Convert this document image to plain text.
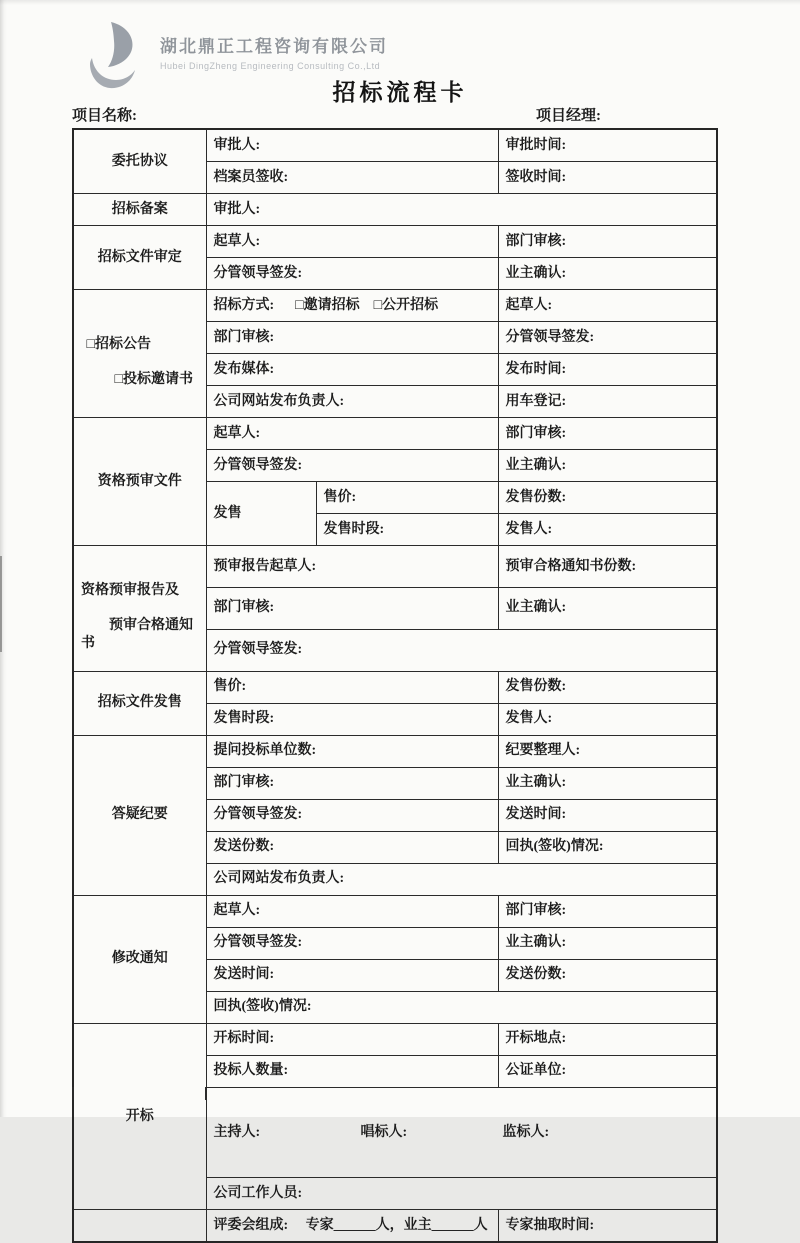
湖北鼎正工程咨询有限公司
Hubei DingZheng Engineering Consulting Co.,Ltd
招标流程卡
项目名称:	项目经理:
委托协议	审批人:		审批时间:
	档案员签收:		签收时间:
招标备案	审批人:		
招标文件审定	起草人:		部门审核:
	分管领导签发:		业主确认:

□招标公告

□投标邀请书	招标方式:      □邀请招标    □公开招标		起草人:
	部门审核:		分管领导签发:
	发布媒体:		发布时间:
	公司网站发布负责人:		用车登记:
资格预审文件	起草人:		部门审核:
	分管领导签发:		业主确认:
	发售	售价:	发售份数:
		发售时段:	发售人:

资格预审报告及

预审合格通知书	预审报告起草人:		预审合格通知书份数:
	部门审核:		业主确认:
	分管领导签发:		
招标文件发售	售价:		发售份数:
	发售时段:		发售人:
答疑纪要	提问投标单位数:		纪要整理人:
	部门审核:		业主确认:
	分管领导签发:		发送时间:
	发送份数:		回执(签收)情况:
	公司网站发布负责人:		
修改通知	起草人:		部门审核:
	分管领导签发:		业主确认:
	发送时间:		发送份数:
	回执(签收)情况:		
开标	开标时间:		开标地点:
	投标人数量:		公证单位:

	主持人: 唱标人: 监标人:		

	公司工作人员:		
	评委会组成:     专家______人，业主______人		专家抽取时间:
